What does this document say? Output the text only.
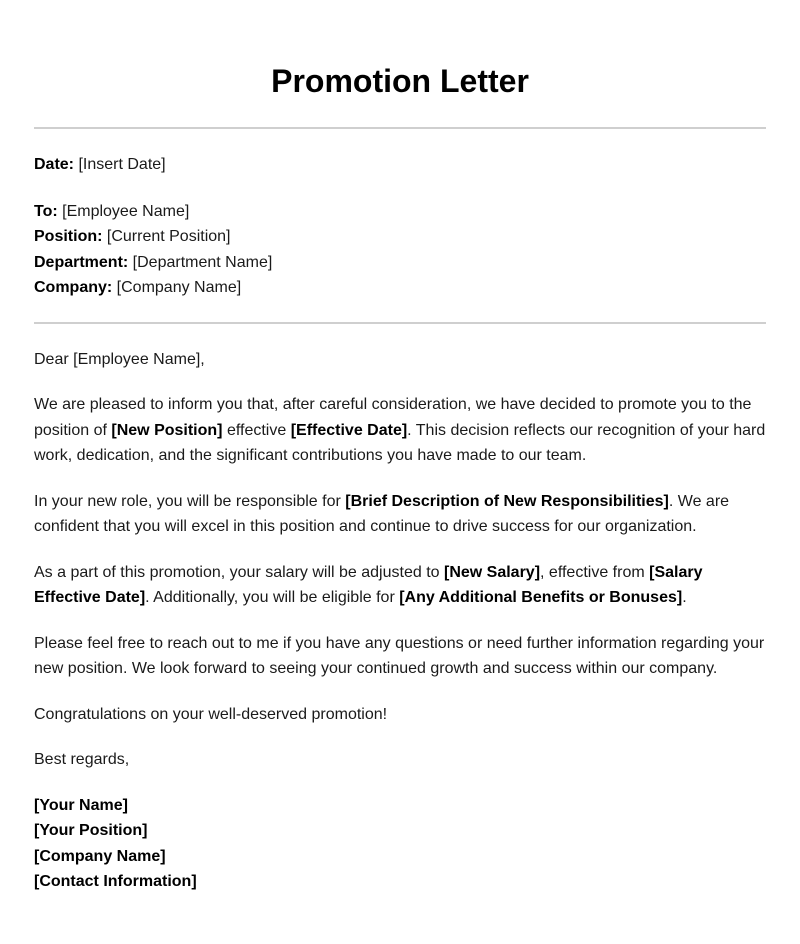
Promotion Letter

Date: [Insert Date]

To: [Employee Name]

Position: [Current Position]

Department: [Department Name]

Company: [Company Name]

Dear [Employee Name],

We are pleased to inform you that, after careful consideration, we have decided to promote you to the position of [New Position] effective [Effective Date]. This decision reflects our recognition of your hard work, dedication, and the significant contributions you have made to our team.

In your new role, you will be responsible for [Brief Description of New Responsibilities]. We are confident that you will excel in this position and continue to drive success for our organization.

As a part of this promotion, your salary will be adjusted to [New Salary], effective from [Salary Effective Date]. Additionally, you will be eligible for [Any Additional Benefits or Bonuses].

Please feel free to reach out to me if you have any questions or need further information regarding your new position. We look forward to seeing your continued growth and success within our company.

Congratulations on your well-deserved promotion!

Best regards,

[Your Name]

[Your Position]

[Company Name]

[Contact Information]
